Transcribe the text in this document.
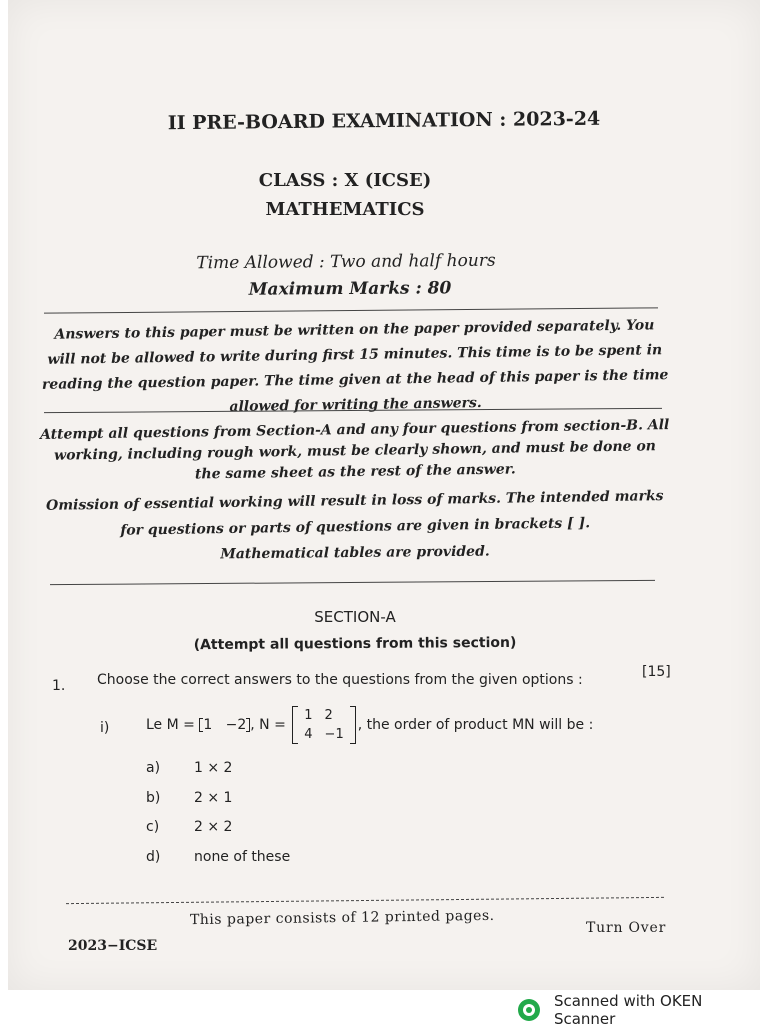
II PRE-BOARD EXAMINATION : 2023-24
CLASS : X (ICSE)
MATHEMATICS
Time Allowed : Two and half hours
Maximum Marks : 80
Answers to this paper must be written on the paper provided separately. You will not be allowed to write during first 15 minutes. This time is to be spent in reading the question paper. The time given at the head of this paper is the time allowed for writing the answers.
Attempt all questions from Section-A and any four questions from section-B. All working, including rough work, must be clearly shown, and must be done on the same sheet as the rest of the answer.
Omission of essential working will result in loss of marks. The intended marks for questions or parts of questions are given in brackets [ ].
Mathematical tables are provided.
SECTION-A
(Attempt all questions from this section)
1. Choose the correct answers to the questions from the given options :	[15]
i)	Le M = 1   −2 , N =
1	2
4	−1
, the order of product MN will be :
a) 1 × 2
b) 2 × 1
c) 2 × 2
d) none of these
This paper consists of 12 printed pages.	Turn Over
2023−ICSE
Scanned with OKEN Scanner
